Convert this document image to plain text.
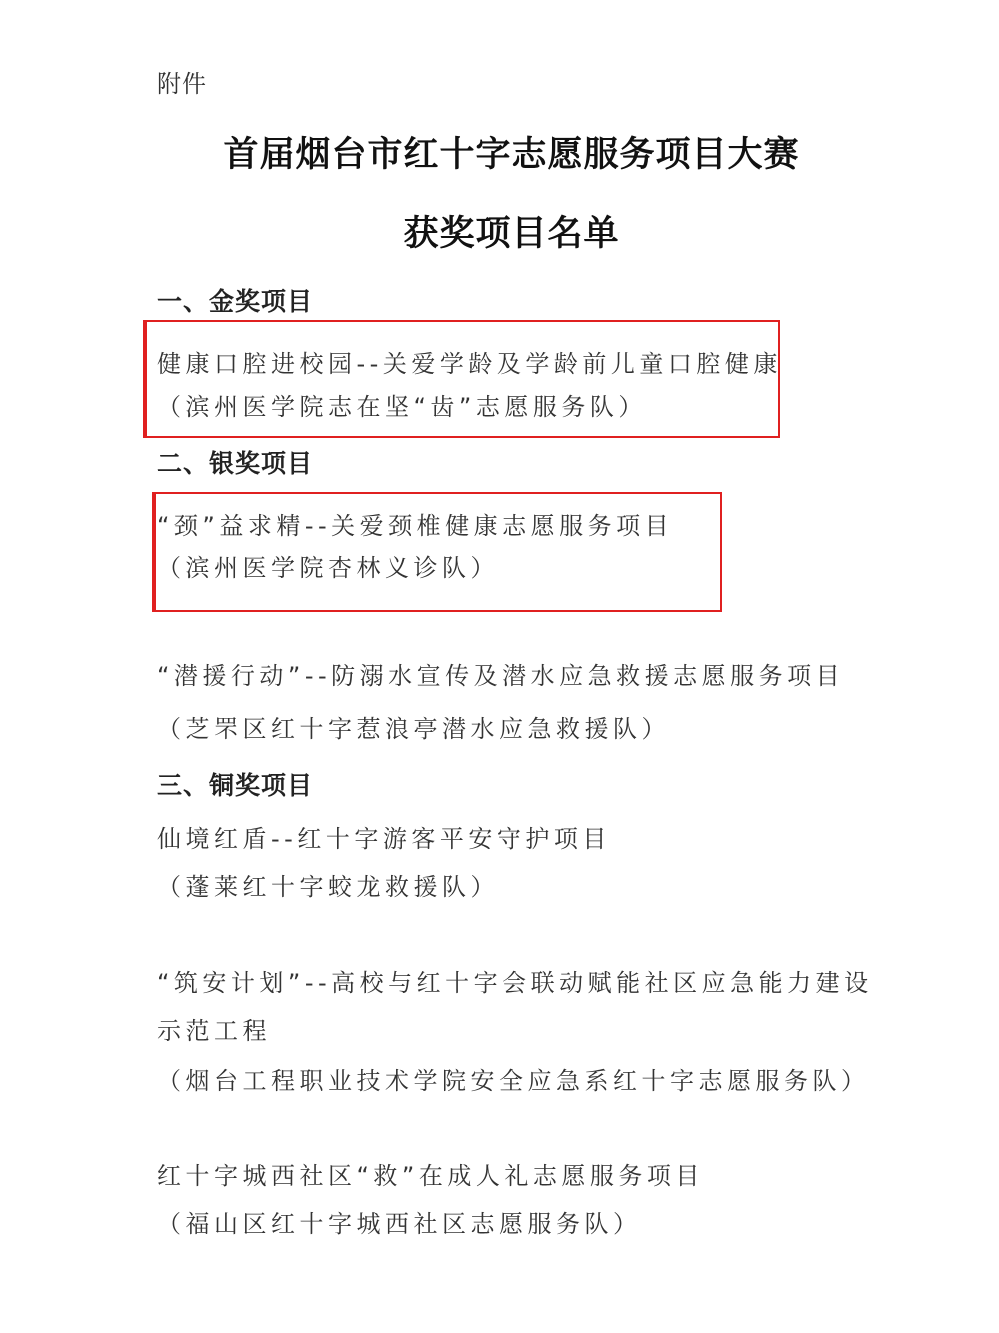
附件
首届烟台市红十字志愿服务项目大赛
获奖项目名单
一、金奖项目
健康口腔进校园--关爱学龄及学龄前儿童口腔健康
（滨州医学院志在坚“齿”志愿服务队）
二、银奖项目
“颈”益求精--关爱颈椎健康志愿服务项目
（滨州医学院杏林义诊队）
“潜援行动”--防溺水宣传及潜水应急救援志愿服务项目
（芝罘区红十字惹浪亭潜水应急救援队）
三、铜奖项目
仙境红盾--红十字游客平安守护项目
（蓬莱红十字蛟龙救援队）
“筑安计划”--高校与红十字会联动赋能社区应急能力建设
示范工程
（烟台工程职业技术学院安全应急系红十字志愿服务队）
红十字城西社区“救”在成人礼志愿服务项目
（福山区红十字城西社区志愿服务队）
